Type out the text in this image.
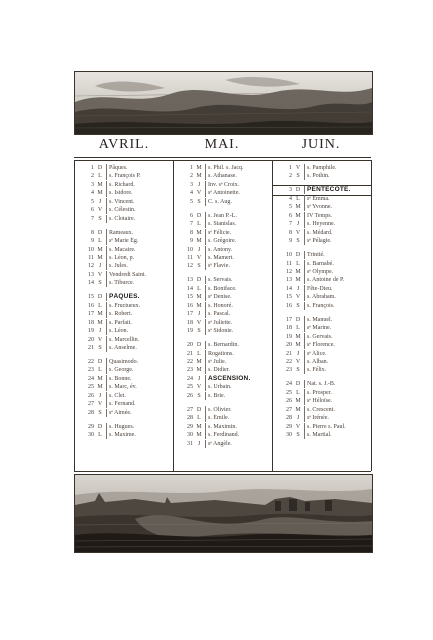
AVRIL.	MAI.	JUIN.
1 D	Pâques.
2 L	s. François P.
3 M s. Richard.
4 M s. Isidore.
5 J	s. Vincent.
6 V	s. Célestin.
7 S	s. Clotaire.
8 D	Rameaux.
9 L	sᵉ Marie Ég.
10 M s. Macaire.
11 M s. Léon, p.
12 J	s. Jules.
13 V	Vendredi Saint.
14 S	s. Tiburce.
15 D PÂQUES.
16 L	s. Fructueux.
17 M s. Robert.
18 M s. Parfait.
19 J	s. Léon.
20 V	s. Marcellin.
21 S	s. Anselme.
22 D	Quasimodo.
23 L	s. George.
24 M s. Bonne.
25 M s. Marc, év.
26 J	s. Clet.
27 V	s. Fernand.
28 S	sᵉ Aimée.
29 D	s. Hugues.
30 L	s. Maxime.
1 M s. Phil. s. Jacq.
2 M s. Athanase.
3 J	Inv. sᵉ Croix.
4 V	sᵉ Antoinette.
5 S	C. s. Aug.
6 D	s. Jean P.-L.
7 L	s. Stanislas.
8 M sᵉ Félicie.
9 M s. Grégoire.
10 J	s. Antony.
11 V	s. Mamert.
12 S	sᵉ Flavie.
13 D	s. Servais.
14 L	s. Boniface.
15 M sᵉ Denise.
16 M s. Honoré.
17 J	s. Pascal.
18 V	sᵉ Juliette.
19 S	sᵉ Sidonie.
20 D	s. Bernardin.
21 L	Rogations.
22 M sᵉ Julie.
23 M s. Didier.
24 J	ASCENSION.
25 V	s. Urbain.
26 S	s. Brie.
27 D	s. Olivier.
28 L	s. Émile.
29 M s. Maximin.
30 M s. Ferdinand.
31 J	sᵉ Angèle.
1 V	s. Pamphile.
2 S	s. Pothin.
3 D PENTECOTE.
4 L	sᵉ Emma.
5 M sᵉ Yvonne.
6 M IV Temps.
7 J	s. Heyenne.
8 V	s. Médard.
9 S	sᵉ Pélagie.
10 D	Trinité.
11 L	s. Barnabé.
12 M sᵉ Olympe.
13 M s. Antoine de P.
14 J	Fête-Dieu.
15 V	s. Abraham.
16 S	s. François.
17 D	s. Manuel.
18 L	sᵉ Marine.
19 M s. Gervais.
20 M sᵉ Florence.
21 J	sᵉ Alice.
22 V	s. Alban.
23 S	s. Félix.
24 D	Nat. s. J.-B.
25 L	s. Prosper.
26 M sᵉ Héloïse.
27 M s. Crescent.
28 J	sᵉ Irénée.
29 V	s. Pierre s. Paul.
30 S	s. Martial.
